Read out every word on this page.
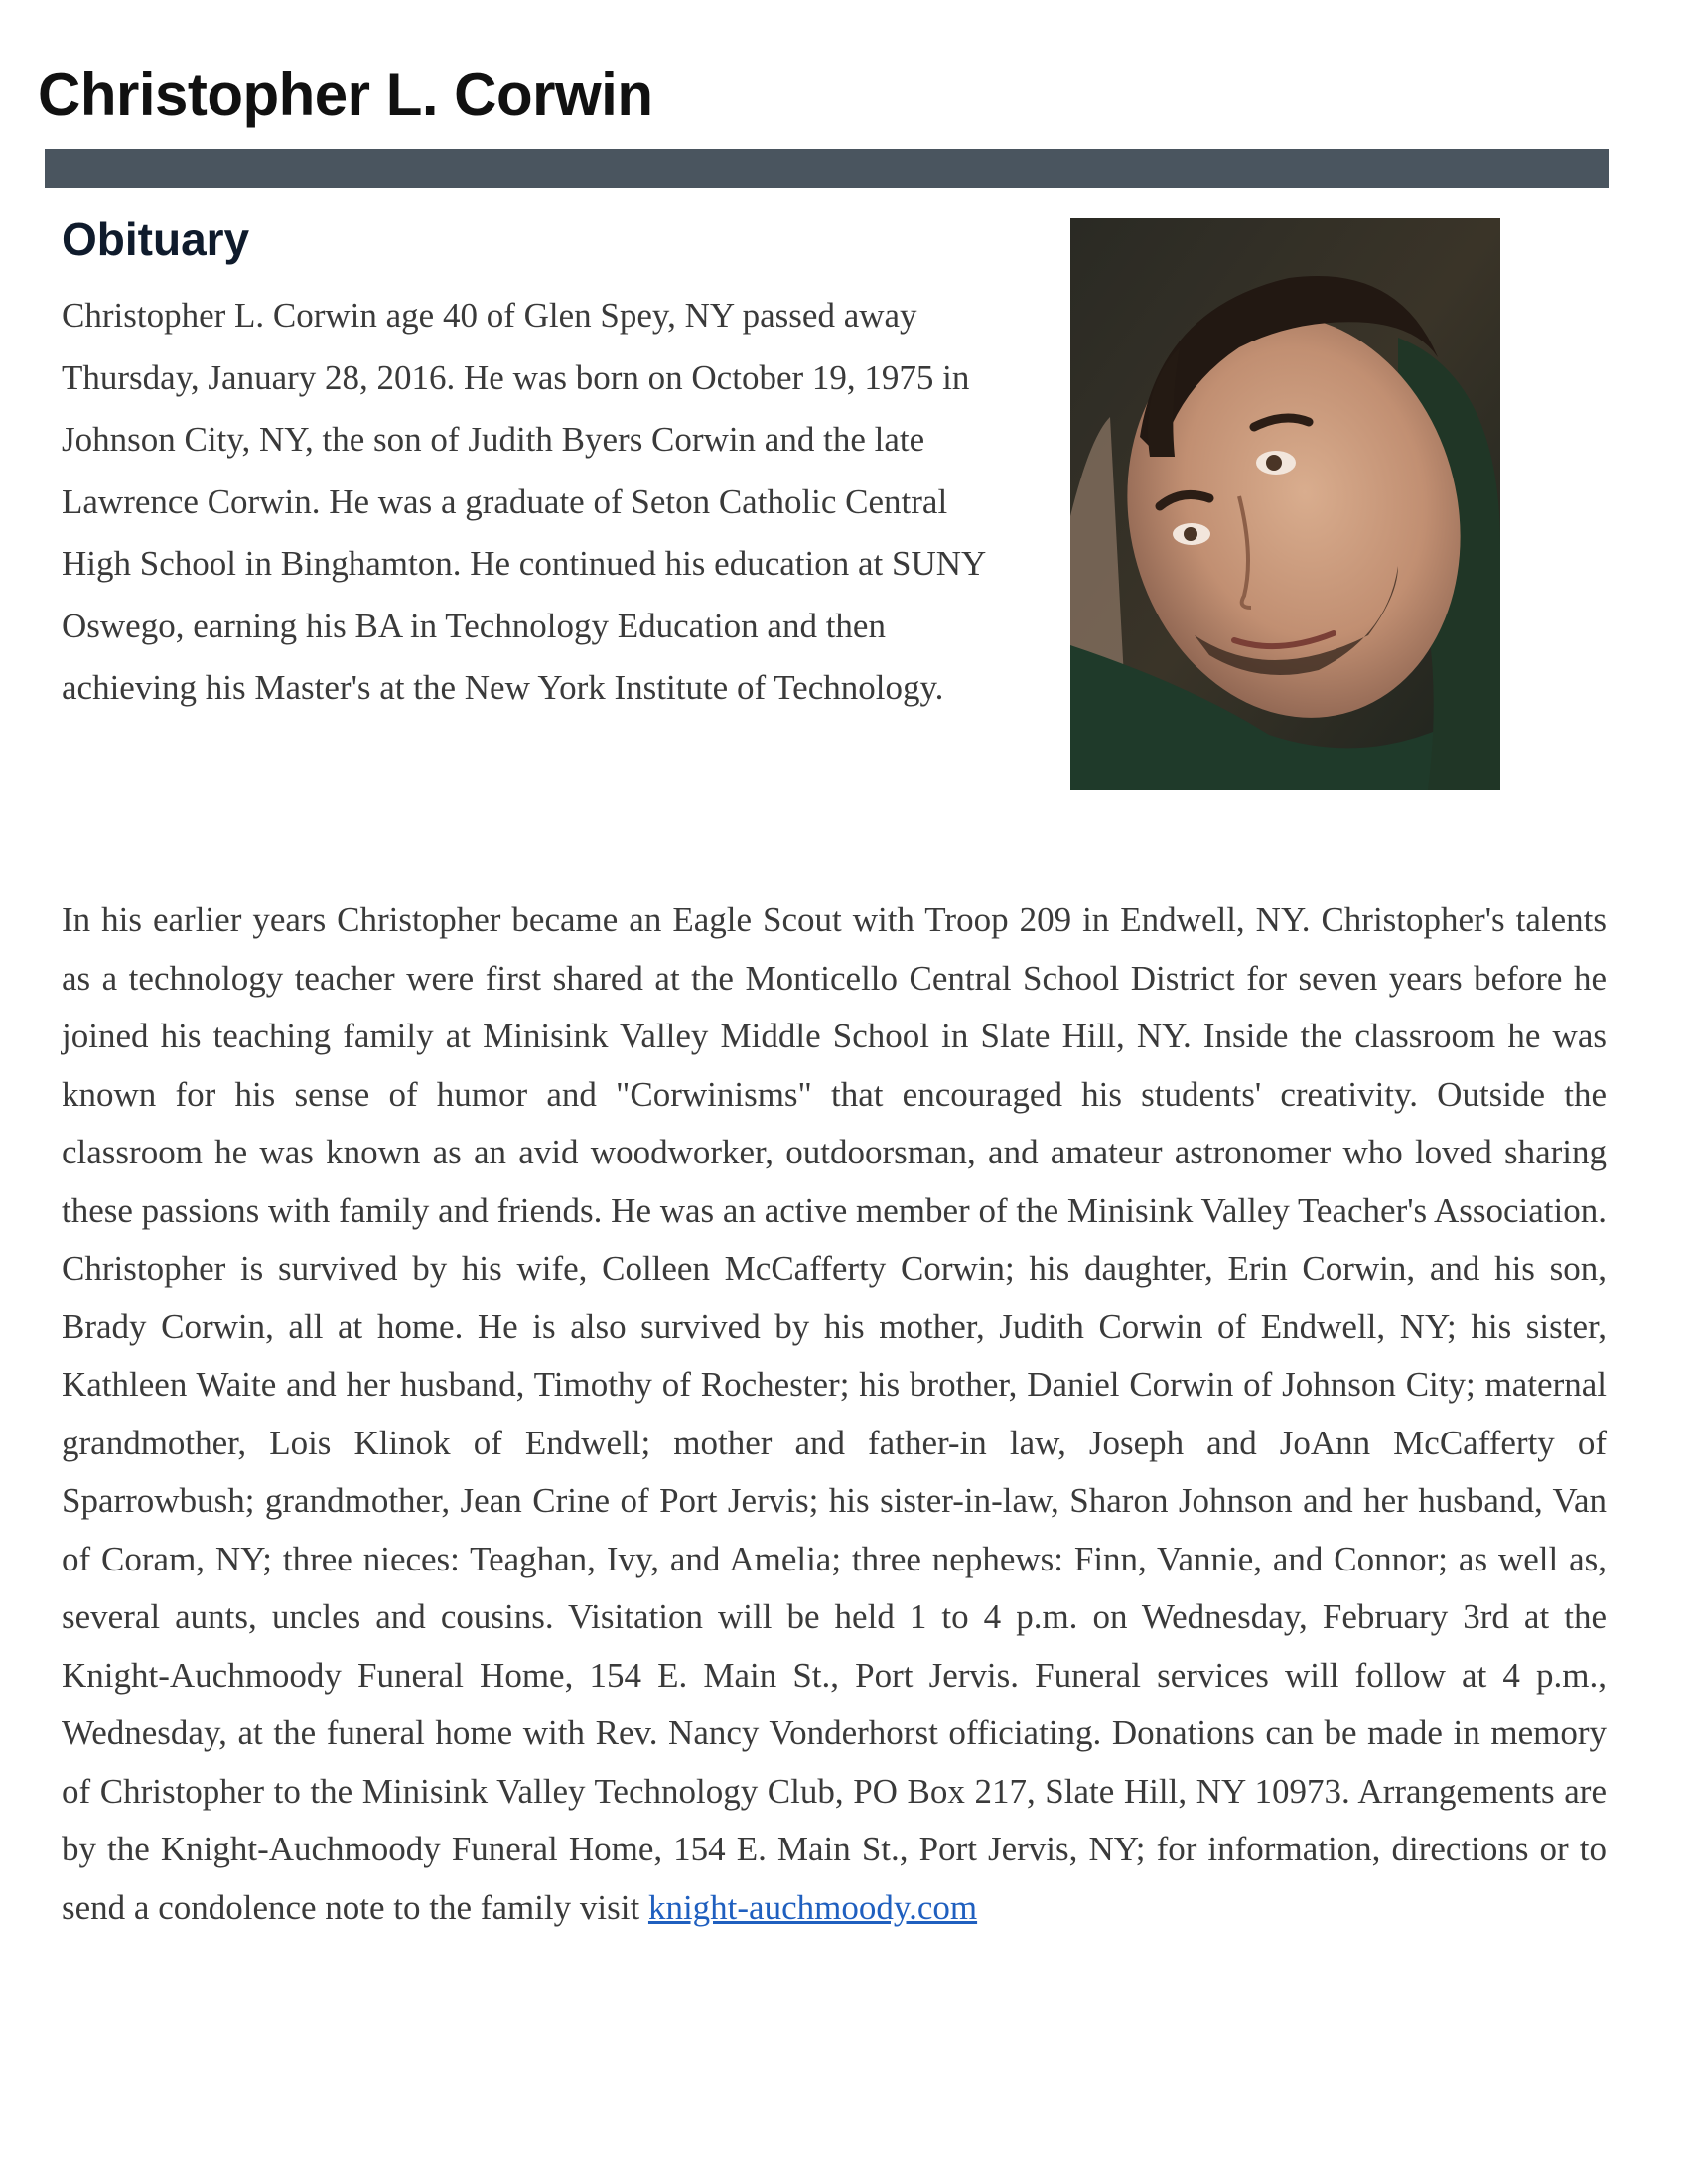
Christopher L. Corwin
Obituary

Christopher L. Corwin age 40 of Glen Spey, NY passed away Thursday, January 28, 2016. He was born on October 19, 1975 in Johnson City, NY, the son of Judith Byers Corwin and the late Lawrence Corwin. He was a graduate of Seton Catholic Central High School in Binghamton. He continued his education at SUNY Oswego, earning his BA in Technology Education and then achieving his Master's at the New York Institute of Technology.

In his earlier years Christopher became an Eagle Scout with Troop 209 in Endwell, NY. Christopher's talents as a technology teacher were first shared at the Monticello Central School District for seven years before he joined his teaching family at Minisink Valley Middle School in Slate Hill, NY. Inside the classroom he was known for his sense of humor and "Corwinisms" that encouraged his students' creativity. Outside the classroom he was known as an avid woodworker, outdoorsman, and amateur astronomer who loved sharing these passions with family and friends. He was an active member of the Minisink Valley Teacher's Association. Christopher is survived by his wife, Colleen McCafferty Corwin; his daughter, Erin Corwin, and his son, Brady Corwin, all at home. He is also survived by his mother, Judith Corwin of Endwell, NY; his sister, Kathleen Waite and her husband, Timothy of Rochester; his brother, Daniel Corwin of Johnson City; maternal grandmother, Lois Klinok of Endwell; mother and father-in law, Joseph and JoAnn McCafferty of Sparrowbush; grandmother, Jean Crine of Port Jervis; his sister-in-law, Sharon Johnson and her husband, Van of Coram, NY; three nieces: Teaghan, Ivy, and Amelia; three nephews: Finn, Vannie, and Connor; as well as, several aunts, uncles and cousins. Visitation will be held 1 to 4 p.m. on Wednesday, February 3rd at the Knight-Auchmoody Funeral Home, 154 E. Main St., Port Jervis. Funeral services will follow at 4 p.m., Wednesday, at the funeral home with Rev. Nancy Vonderhorst officiating. Donations can be made in memory of Christopher to the Minisink Valley Technology Club, PO Box 217, Slate Hill, NY 10973. Arrangements are by the Knight-Auchmoody Funeral Home, 154 E. Main St., Port Jervis, NY; for information, directions or to send a condolence note to the family visit knight-auchmoody.com
